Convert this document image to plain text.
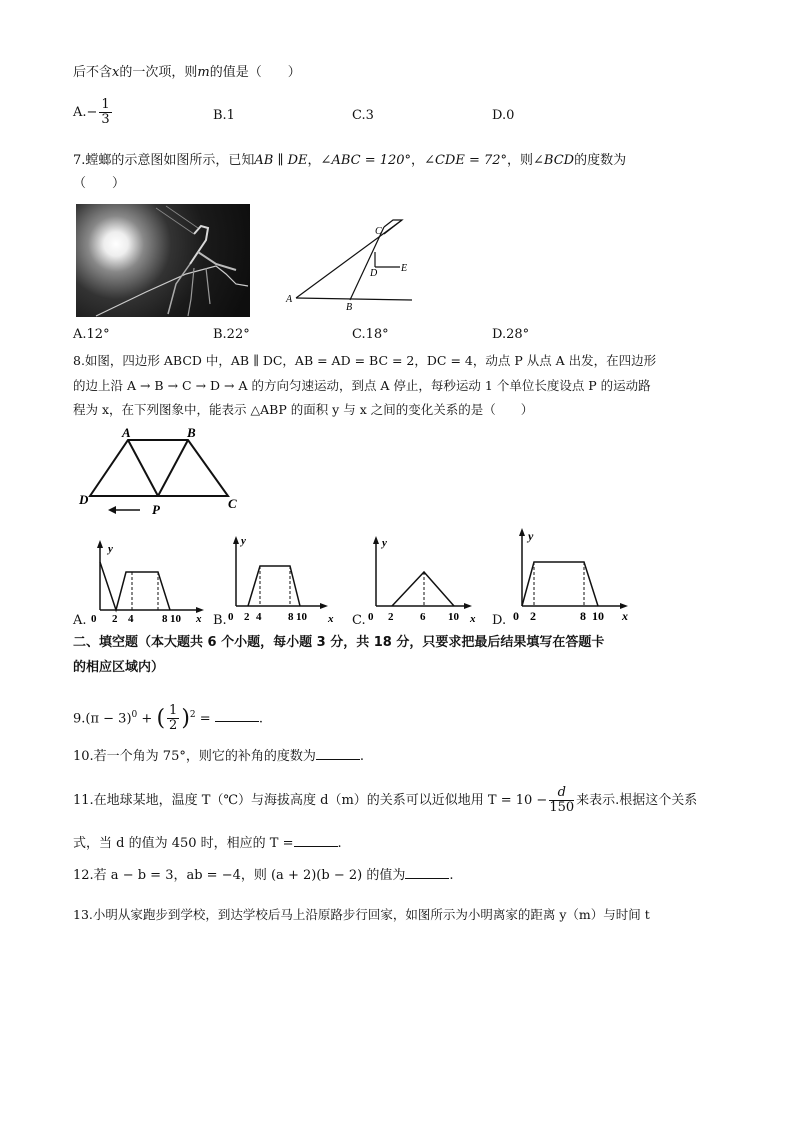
后不含x的一次项，则m的值是（　　）
$A.- \frac{1}{3}$	B.1	C.3	D.0
7.螳螂的示意图如图所示，已知AB ∥ DE，∠ABC = 120°，∠CDE = 72°，则∠BCD的度数为
（　　）
A
B
C
D E
A.12°	B.22°	C.18°	D.28°
8.如图，四边形 ABCD 中，AB ∥ DC，AB = AD = BC = 2，DC = 4，动点 P 从点 A 出发，在四边形
的边上沿 A → B → C → D → A 的方向匀速运动，到点 A 停止，每秒运动 1 个单位长度设点 P 的运动路
程为 x，在下列图象中，能表示 △ABP 的面积 y 与 x 之间的变化关系的是（　　）
A	B
C
D
P
A.
y
x
0 2 4	8 10 B.
y
x
0 2 4 8 10	C.
y
x
0 2 6 10	D.
y
x
0 2	8 10
二、填空题（本大题共 6 个小题，每小题 3 分，共 18 分，只要求把最后结果填写在答题卡
的相应区域内）
$9.(\pi - 3)^0$ + ( $\frac{1}{2} )^2$ =	.
10.若一个角为 75°，则它的补角的度数为	.
11.在地球某地，温度 T（℃）与海拔高度 d（m）的关系可以近似地用 $T = 10 - \frac{d}{150}$ 来表示.根据这个关系
式，当 d 的值为 450 时，相应的 T =	.
12.若 a − b = 3，ab = −4，则 (a + 2)(b − 2) 的值为	.
13.小明从家跑步到学校，到达学校后马上沿原路步行回家，如图所示为小明离家的距离 y（m）与时间 t
